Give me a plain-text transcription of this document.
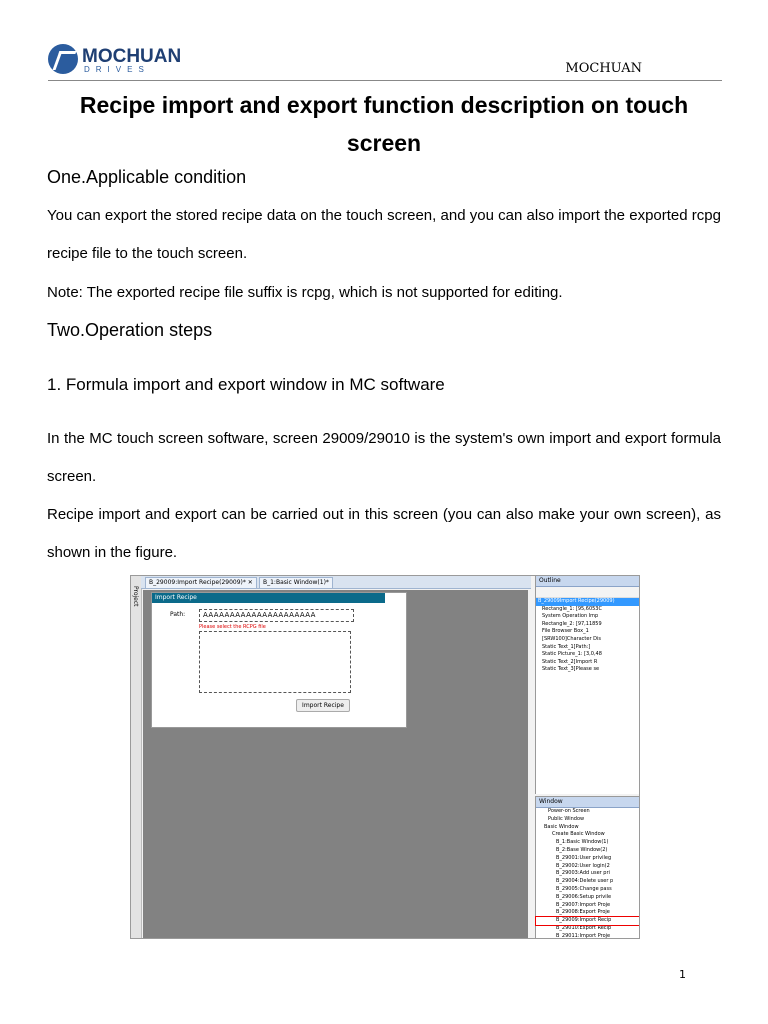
MOCHUAN
DRIVES	MOCHUAN
Recipe import and export function description on touch screen
One.Applicable condition
You can export the stored recipe data on the touch screen, and you can also import the exported rcpg recipe file to the touch screen.
Note: The exported recipe file suffix is rcpg, which is not supported for editing.
Two.Operation steps
1. Formula import and export window in MC software
In the MC touch screen software, screen 29009/29010 is the system's own import and export formula screen.
Recipe import and export can be carried out in this screen (you can also make your own screen), as shown in the figure.
Project
B_29009:Import Recipe(29009)* ✕	B_1:Basic Window(1)*
Import Recipe
Path:	AAAAAAAAAAAAAAAAAAAAA
Please select the RCPG file
Import Recipe
Outline
B_29009Import Recipe(29009)
Rectangle_1: [95,6053C
System Operation Imp
Rectangle_2: [97,11859
File Browser Box_1
[SRW100]Character Dis
Static Text_1[Path:]
Static Picture_1: [3,0,48
Static Text_2[Import R
Static Text_3[Please se
Window
Power-on Screen
Public Window
Basic Window
Create Basic Window
B_1:Basic Window(1)
B_2:Base Window(2)
B_29001:User privileg
B_29002:User login(2
B_29003:Add user pri
B_29004:Delete user p
B_29005:Change pass
B_29006:Setup privile
B_29007:Import Proje
B_29008:Export Proje
B_29009:Import Recip
B_29010:Export Recip
B_29011:Import Proje
1
